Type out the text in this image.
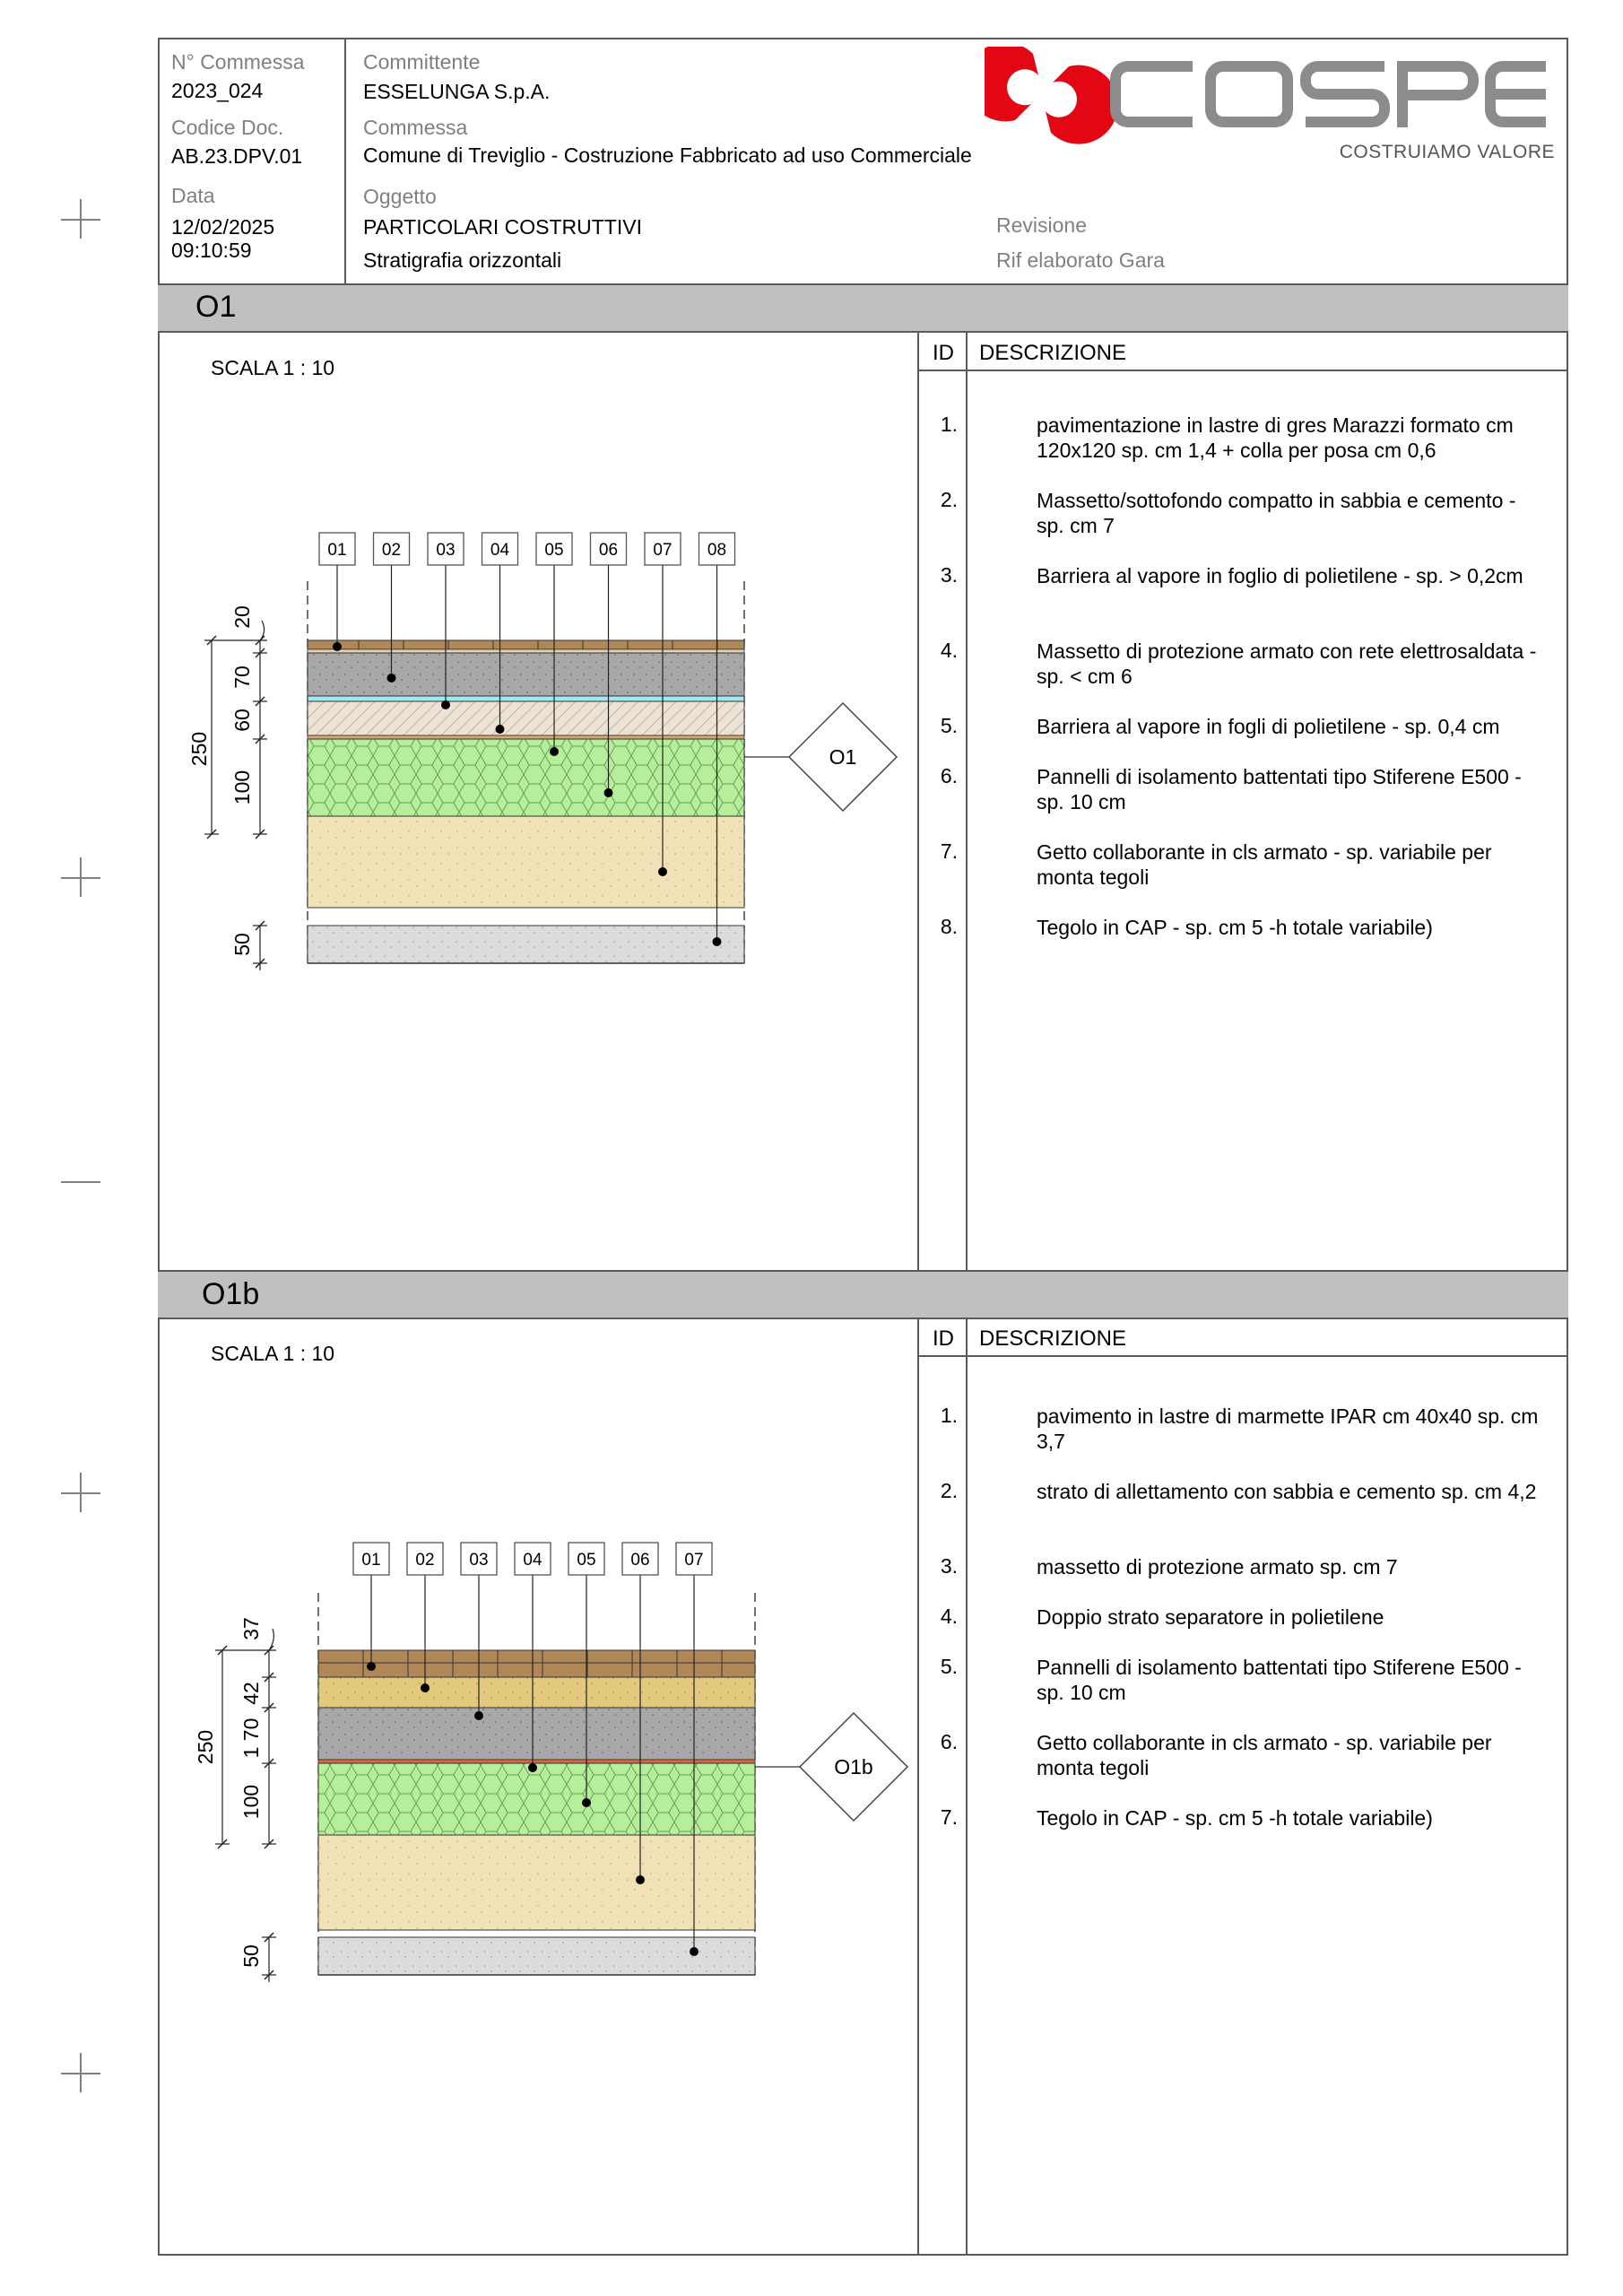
N° Commessa
2023_024
Codice Doc.
AB.23.DPV.01
Data
12/02/2025
09:10:59
Committente
ESSELUNGA S.p.A.
Commessa
Comune di Treviglio - Costruzione Fabbricato ad uso Commerciale
Oggetto
PARTICOLARI COSTRUTTIVI
Stratigrafia orizzontali
Revisione
Rif elaborato Gara
COSTRUIAMO VALORE
O1
SCALA 1 : 10
ID DESCRIZIONE
1.	pavimentazione in lastre di gres Marazzi formato cm 120x120 sp. cm 1,4 + colla per posa cm 0,6
2.	Massetto/sottofondo compatto in sabbia e cemento - sp. cm 7
3.	Barriera al vapore in foglio di polietilene - sp. > 0,2cm
4.	Massetto di protezione armato con rete elettrosaldata - sp. < cm 6
5.	Barriera al vapore in fogli di polietilene - sp. 0,4 cm
6.	Pannelli di isolamento battentati tipo Stiferene E500 - sp. 10 cm
7.	Getto collaborante in cls armato - sp. variabile per monta tegoli
8.	Tegolo in CAP - sp. cm 5 -h totale variabile)
01 02 03 04 05 06 07 08
250
20
70
60
100
50
O1
O1b
SCALA 1 : 10
ID DESCRIZIONE
1.	pavimento in lastre di marmette IPAR cm 40x40 sp. cm 3,7
2.	strato di allettamento con sabbia e cemento sp. cm 4,2
3.	massetto di protezione armato sp. cm 7
4.	Doppio strato separatore in polietilene
5.	Pannelli di isolamento battentati tipo Stiferene E500 - sp. 10 cm
6.	Getto collaborante in cls armato - sp. variabile per monta tegoli
7.	Tegolo in CAP - sp. cm 5 -h totale variabile)
01 02 03 04 05 06 07
250
37
42
1 70
100
50
O1b
